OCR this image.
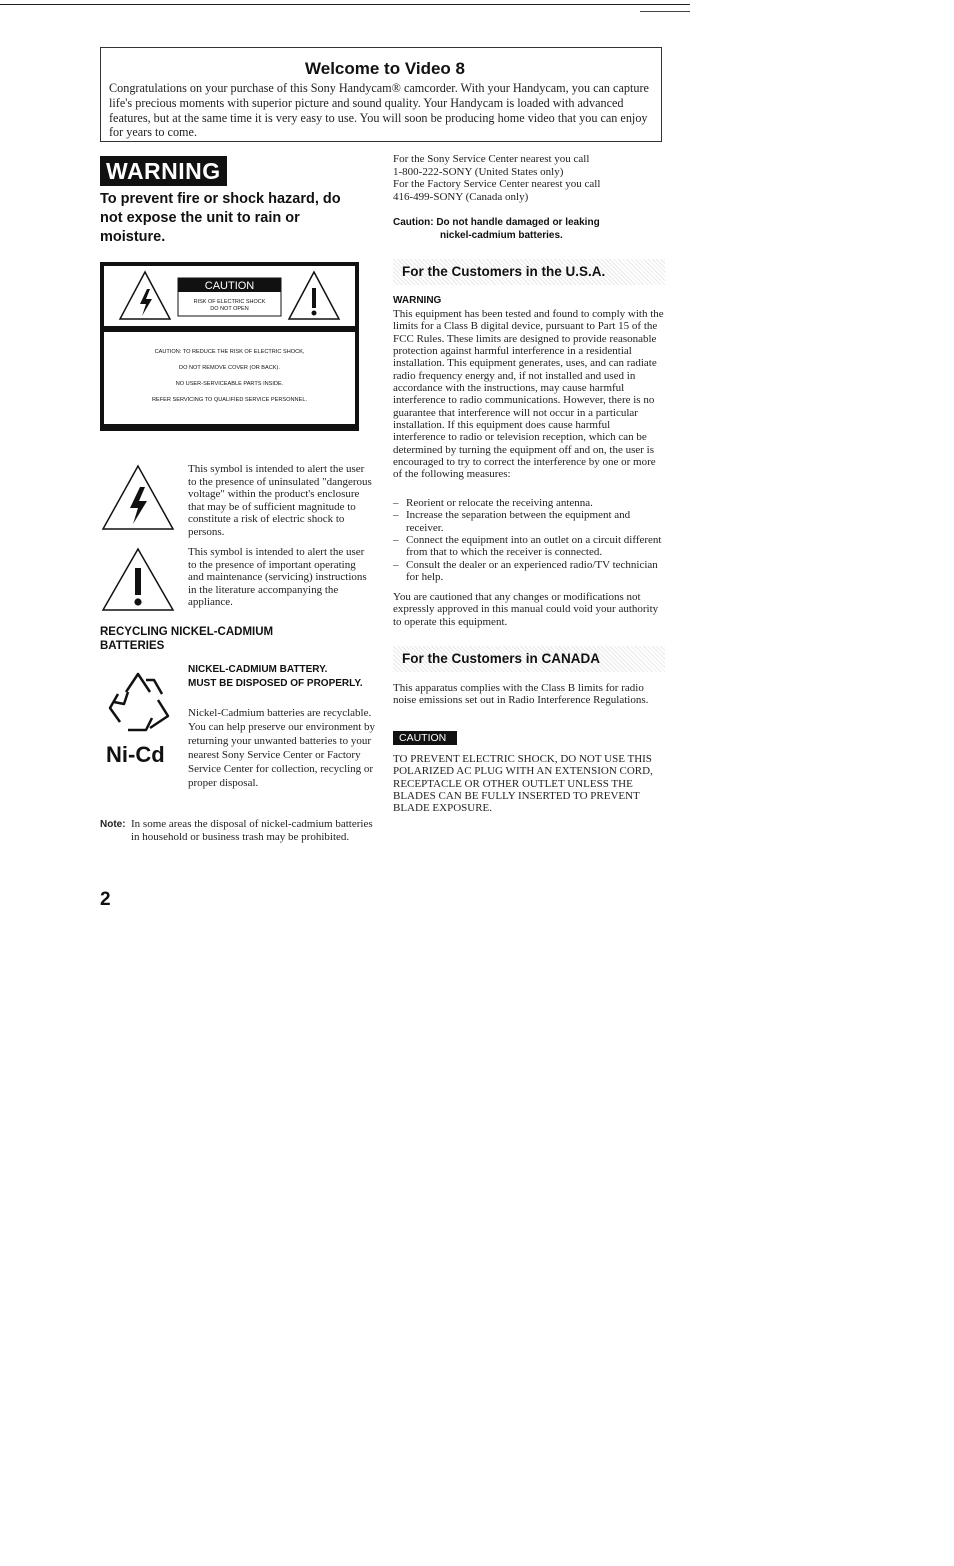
Welcome to Video 8

Congratulations on your purchase of this Sony Handycam® camcorder. With your Handycam, you can capture life's precious moments with superior picture and sound quality. Your Handycam is loaded with advanced features, but at the same time it is very easy to use. You will soon be producing home video that you can enjoy for years to come.

WARNING

To prevent fire or shock hazard, do not expose the unit to rain or moisture.

CAUTION
RISK OF ELECTRIC SHOCK
DO NOT OPEN
CAUTION: TO REDUCE THE RISK OF ELECTRIC SHOCK,
DO NOT REMOVE COVER (OR BACK).
NO USER-SERVICEABLE PARTS INSIDE.
REFER SERVICING TO QUALIFIED SERVICE PERSONNEL.

This symbol is intended to alert the user to the presence of uninsulated "dangerous voltage" within the product's enclosure that may be of sufficient magnitude to constitute a risk of electric shock to persons.

This symbol is intended to alert the user to the presence of important operating and maintenance (servicing) instructions in the literature accompanying the appliance.

RECYCLING NICKEL-CADMIUM
BATTERIES

NICKEL-CADMIUM BATTERY.
MUST BE DISPOSED OF PROPERLY.

Ni-Cd

Nickel-Cadmium batteries are recyclable. You can help preserve our environment by returning your unwanted batteries to your nearest Sony Service Center or Factory Service Center for collection, recycling or proper disposal.

Note: In some areas the disposal of nickel-cadmium batteries in household or business trash may be prohibited.

2

For the Sony Service Center nearest you call
1-800-222-SONY (United States only)
For the Factory Service Center nearest you call
416-499-SONY (Canada only)

Caution: Do not handle damaged or leaking
nickel-cadmium batteries.

For the Customers in the U.S.A.

WARNING

This equipment has been tested and found to comply with the limits for a Class B digital device, pursuant to Part 15 of the FCC Rules. These limits are designed to provide reasonable protection against harmful interference in a residential installation. This equipment generates, uses, and can radiate radio frequency energy and, if not installed and used in accordance with the instructions, may cause harmful interference to radio communications. However, there is no guarantee that interference will not occur in a particular installation. If this equipment does cause harmful interference to radio or television reception, which can be determined by turning the equipment off and on, the user is encouraged to try to correct the interference by one or more of the following measures:

– Reorient or relocate the receiving antenna.
– Increase the separation between the equipment and receiver.
– Connect the equipment into an outlet on a circuit different from that to which the receiver is connected.
– Consult the dealer or an experienced radio/TV technician for help.

You are cautioned that any changes or modifications not expressly approved in this manual could void your authority to operate this equipment.

For the Customers in CANADA

This apparatus complies with the Class B limits for radio noise emissions set out in Radio Interference Regulations.

CAUTION

TO PREVENT ELECTRIC SHOCK, DO NOT USE THIS POLARIZED AC PLUG WITH AN EXTENSION CORD, RECEPTACLE OR OTHER OUTLET UNLESS THE BLADES CAN BE FULLY INSERTED TO PREVENT BLADE EXPOSURE.
